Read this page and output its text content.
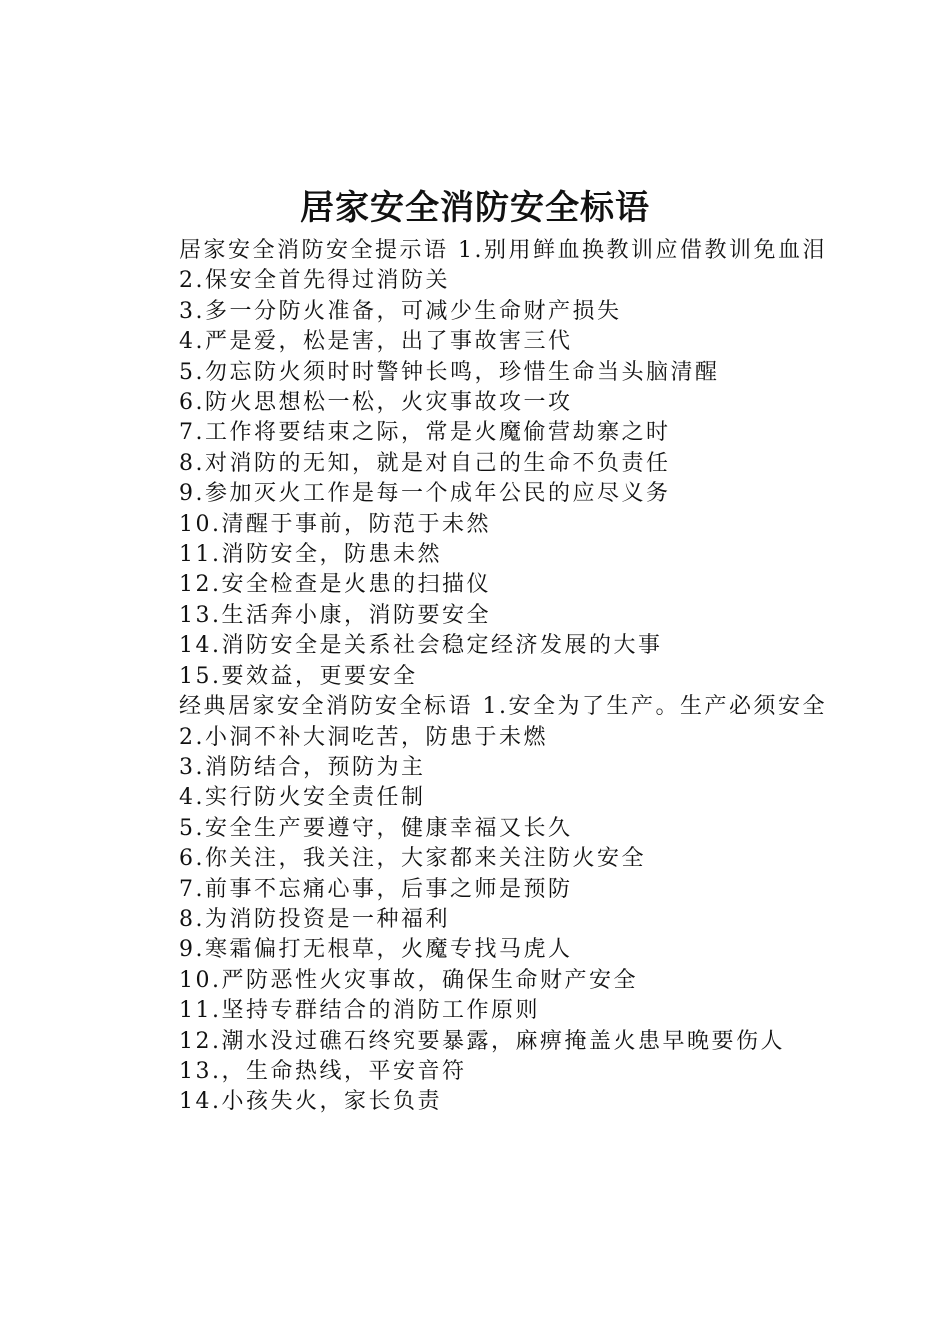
居家安全消防安全标语

居家安全消防安全提示语 1.别用鲜血换教训应借教训免血泪

2.保安全首先得过消防关

3.多一分防火准备，可减少生命财产损失

4.严是爱，松是害，出了事故害三代

5.勿忘防火须时时警钟长鸣，珍惜生命当头脑清醒

6.防火思想松一松，火灾事故攻一攻

7.工作将要结束之际，常是火魔偷营劫寨之时

8.对消防的无知，就是对自己的生命不负责任

9.参加灭火工作是每一个成年公民的应尽义务

10.清醒于事前，防范于未然

11.消防安全，防患未然

12.安全检查是火患的扫描仪

13.生活奔小康，消防要安全

14.消防安全是关系社会稳定经济发展的大事

15.要效益，更要安全

经典居家安全消防安全标语 1.安全为了生产。生产必须安全

2.小洞不补大洞吃苦，防患于未燃

3.消防结合，预防为主

4.实行防火安全责任制

5.安全生产要遵守，健康幸福又长久

6.你关注，我关注，大家都来关注防火安全

7.前事不忘痛心事，后事之师是预防

8.为消防投资是一种福利

9.寒霜偏打无根草，火魔专找马虎人

10.严防恶性火灾事故，确保生命财产安全

11.坚持专群结合的消防工作原则

12.潮水没过礁石终究要暴露，麻痹掩盖火患早晚要伤人

13.，生命热线，平安音符

14.小孩失火，家长负责
